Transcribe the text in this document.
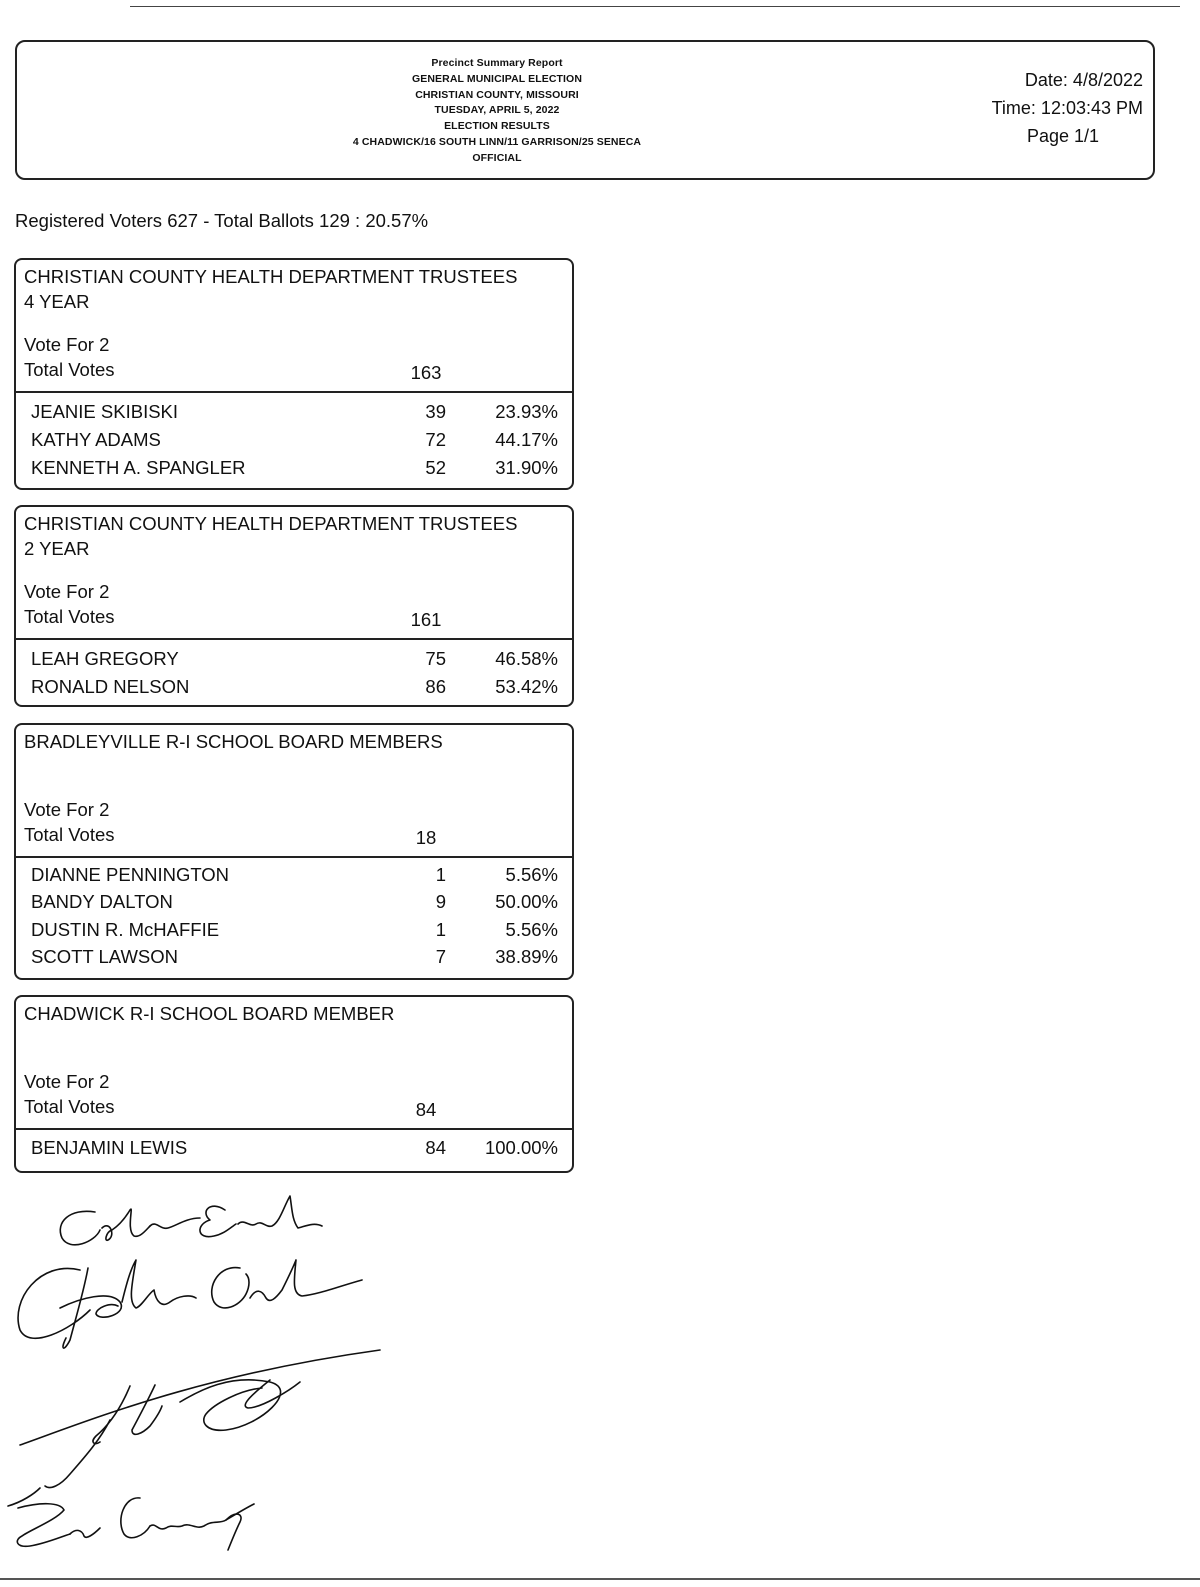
Precinct Summary Report
GENERAL MUNICIPAL ELECTION
CHRISTIAN COUNTY, MISSOURI
TUESDAY, APRIL 5, 2022
ELECTION RESULTS
4 CHADWICK/16 SOUTH LINN/11 GARRISON/25 SENECA
OFFICIAL
Date: 4/8/2022
Time: 12:03:43 PM
Page 1/1
Registered Voters 627 - Total Ballots 129 : 20.57%
CHRISTIAN COUNTY HEALTH DEPARTMENT TRUSTEES
4 YEAR
Vote For 2
Total Votes	163
JEANIE SKIBISKI	39	23.93%
KATHY ADAMS	72	44.17%
KENNETH A. SPANGLER	52	31.90%
CHRISTIAN COUNTY HEALTH DEPARTMENT TRUSTEES
2 YEAR
Vote For 2
Total Votes	161
LEAH GREGORY	75	46.58%
RONALD NELSON	86	53.42%
BRADLEYVILLE R-I SCHOOL BOARD MEMBERS
Vote For 2
Total Votes	18
DIANNE PENNINGTON	1	5.56%
BANDY DALTON	9	50.00%
DUSTIN R. McHAFFIE	1	5.56%
SCOTT LAWSON	7	38.89%
CHADWICK R-I SCHOOL BOARD MEMBER
Vote For 2
Total Votes	84
BENJAMIN LEWIS	84	100.00%
